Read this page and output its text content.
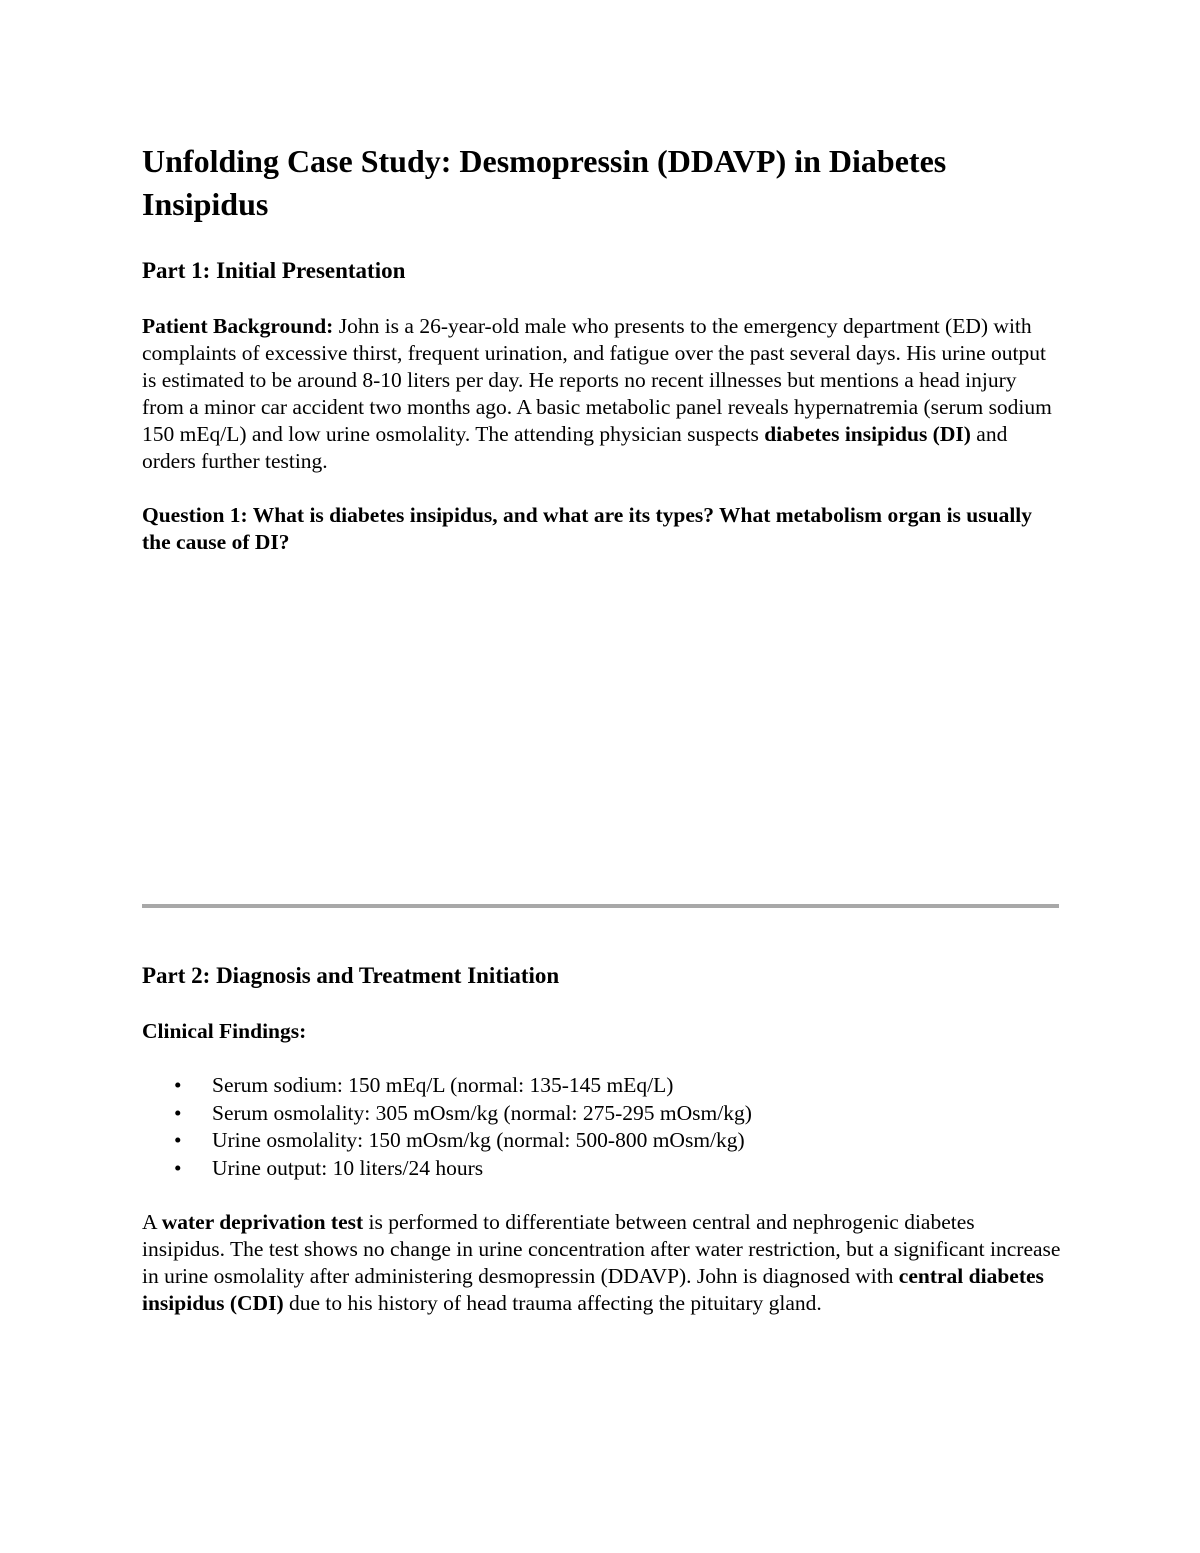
Unfolding Case Study: Desmopressin (DDAVP) in Diabetes Insipidus
Part 1: Initial Presentation

Patient Background: John is a 26-year-old male who presents to the emergency department (ED) with complaints of excessive thirst, frequent urination, and fatigue over the past several days. His urine output is estimated to be around 8-10 liters per day. He reports no recent illnesses but mentions a head injury from a minor car accident two months ago. A basic metabolic panel reveals hypernatremia (serum sodium 150 mEq/L) and low urine osmolality. The attending physician suspects diabetes insipidus (DI) and orders further testing.

Question 1: What is diabetes insipidus, and what are its types? What metabolism organ is usually the cause of DI?
Part 2: Diagnosis and Treatment Initiation

Clinical Findings:

• Serum sodium: 150 mEq/L (normal: 135-145 mEq/L)
• Serum osmolality: 305 mOsm/kg (normal: 275-295 mOsm/kg)
• Urine osmolality: 150 mOsm/kg (normal: 500-800 mOsm/kg)
• Urine output: 10 liters/24 hours

A water deprivation test is performed to differentiate between central and nephrogenic diabetes insipidus. The test shows no change in urine concentration after water restriction, but a significant increase in urine osmolality after administering desmopressin (DDAVP). John is diagnosed with central diabetes insipidus (CDI) due to his history of head trauma affecting the pituitary gland.
